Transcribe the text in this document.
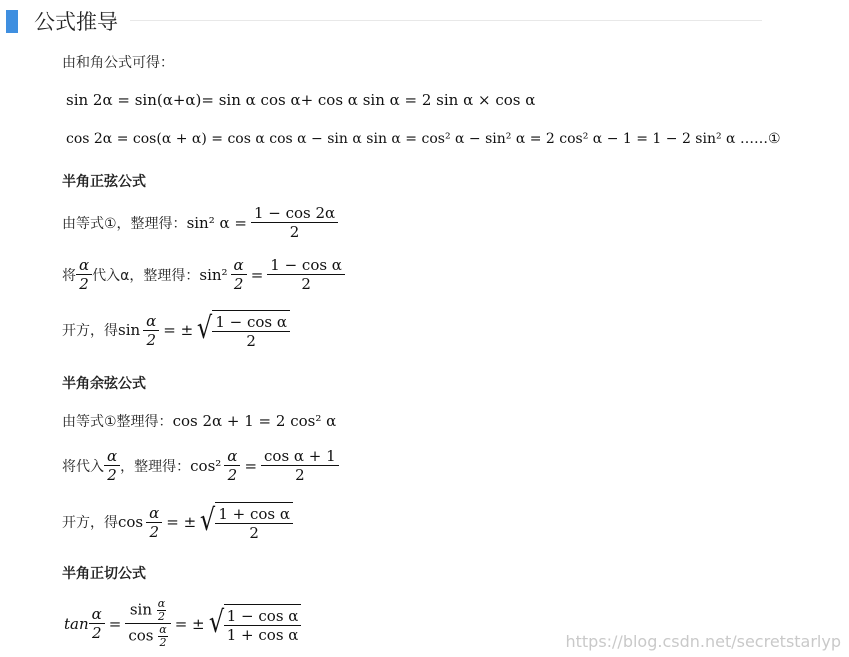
公式推导
由和角公式可得：
sin 2α = sin(α+α)= sin α cos α+ cos α sin α = 2 sin α × cos α
cos 2α = cos(α + α) = cos α cos α − sin α sin α = cos² α − sin² α = 2 cos² α − 1 = 1 − 2 sin² α ……①
半角正弦公式
由等式①，整理得： sin² $\alpha = \frac{1 - \cos 2\alpha}{2}$
将 $\frac{\alpha}{2}$ 代入α，整理得： $\sin^2 \frac{\alpha}{2} = \frac{\text{1 − cos α}}{2}$
开方，得 $\sin \frac{\alpha}{2}$ = ± √ $\frac{\text{1 − cos α}}{2}$
半角余弦公式
由等式①整理得： cos 2α + 1 = 2 cos² α
将代入 $\frac{\alpha}{2}$ ，整理得： $\cos^2 \frac{\alpha}{2} = \frac{\text{cos α + 1}}{2}$
开方，得 $\cos \frac{\alpha}{2}$ = ± √ $\frac{\text{1 + cos α}}{2}$
半角正切公式
$\tan \frac{\alpha}{2} = \frac{\sin \frac{\alpha}{2}}{\cos \frac{\alpha}{2}}$ = ± √ $\frac{\text{1 − cos α}}{\text{1 + cos α}}$	https://blog.csdn.net/secretstarlyp
